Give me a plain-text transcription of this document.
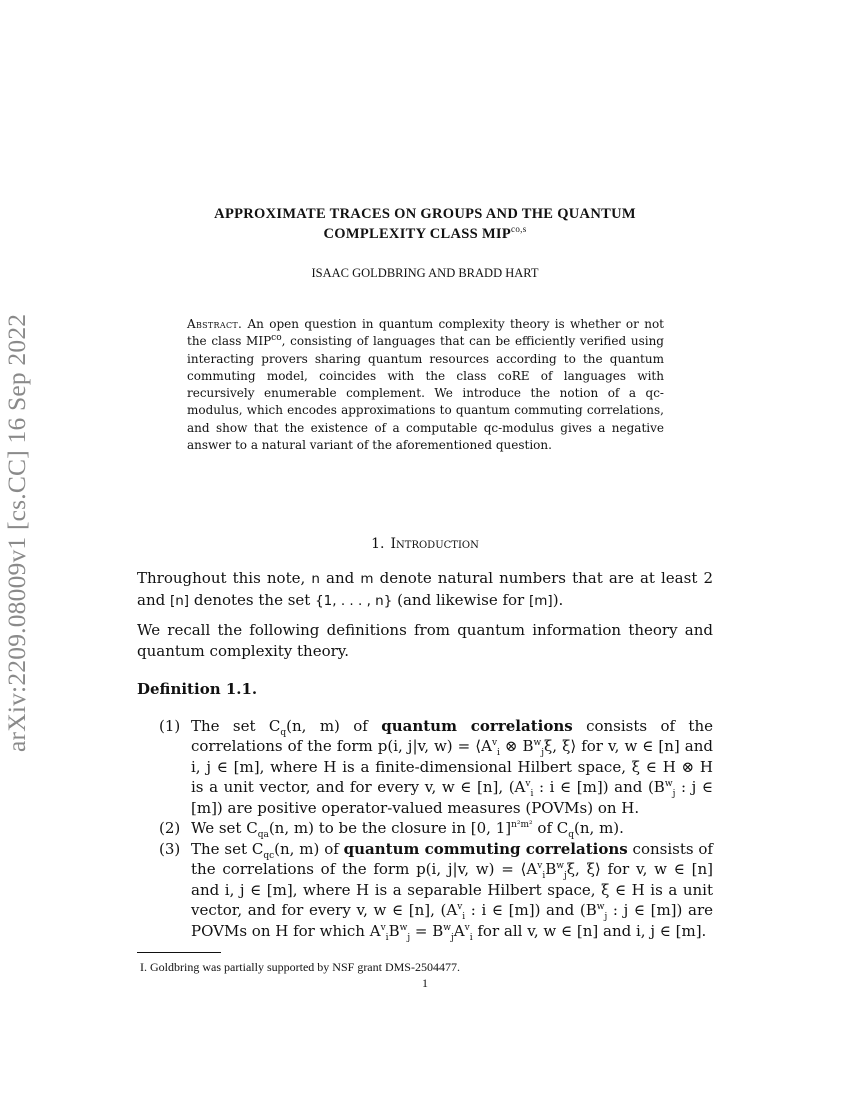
arXiv:2209.08009v1 [cs.CC] 16 Sep 2022
APPROXIMATE TRACES ON GROUPS AND THE QUANTUM
COMPLEXITY CLASS $MIP^{co,s}$
ISAAC GOLDBRING AND BRADD HART
Abstract. An open question in quantum complexity theory is whether or not the class $MIP^{co}$, consisting of languages that can be efficiently verified using interacting provers sharing quantum resources according to the quantum commuting model, coincides with the class coRE of languages with recursively enumerable complement. We introduce the notion of a qc-modulus, which encodes approximations to quantum commuting correlations, and show that the existence of a computable qc-modulus gives a negative answer to a natural variant of the aforementioned question.
1. Introduction

Throughout this note, n and m denote natural numbers that are at least 2 and [n] denotes the set {1, . . . , n} (and likewise for [m]).

We recall the following definitions from quantum information theory and quantum complexity theory.

Definition 1.1.

(1) The set $C_q(n$, m) of quantum correlations consists of the correlations of the form p(i, j|v, $w) = ⟨A^v_i$ ⊗ $B^w_j\xi$, ξ⟩ for v, w ∈ [n] and i, j ∈ [m], where H is a finite-dimensional Hilbert space, ξ ∈ H ⊗ H is a unit vector, and for every v, w ∈ [n], ($A^v_i$ : i ∈ [m]) and ($B^w_j$ : j ∈ [m]) are positive operator-valued measures (POVMs) on H.
(2) We set $C_{qa}(n$, m) to be the closure in [0, 1]$^{n^2m^2}$ of $C_q(n$, m).
(3) The set $C_{qc}(n$, m) of quantum commuting correlations consists of the correlations of the form p(i, j|v, $w) = ⟨A^v_iB^w_j\xi$, ξ⟩ for v, w ∈ [n] and i, j ∈ [m], where H is a separable Hilbert space, ξ ∈ H is a unit vector, and for every v, w ∈ [n], ($A^v_i$ : i ∈ [m]) and ($B^w_j$ : j ∈ [m]) are POVMs on H for which $A^v_iB^w_j = B^w_jA^v_i$ for all v, w ∈ [n] and i, j ∈ [m].
I. Goldbring was partially supported by NSF grant DMS-2504477.
1
